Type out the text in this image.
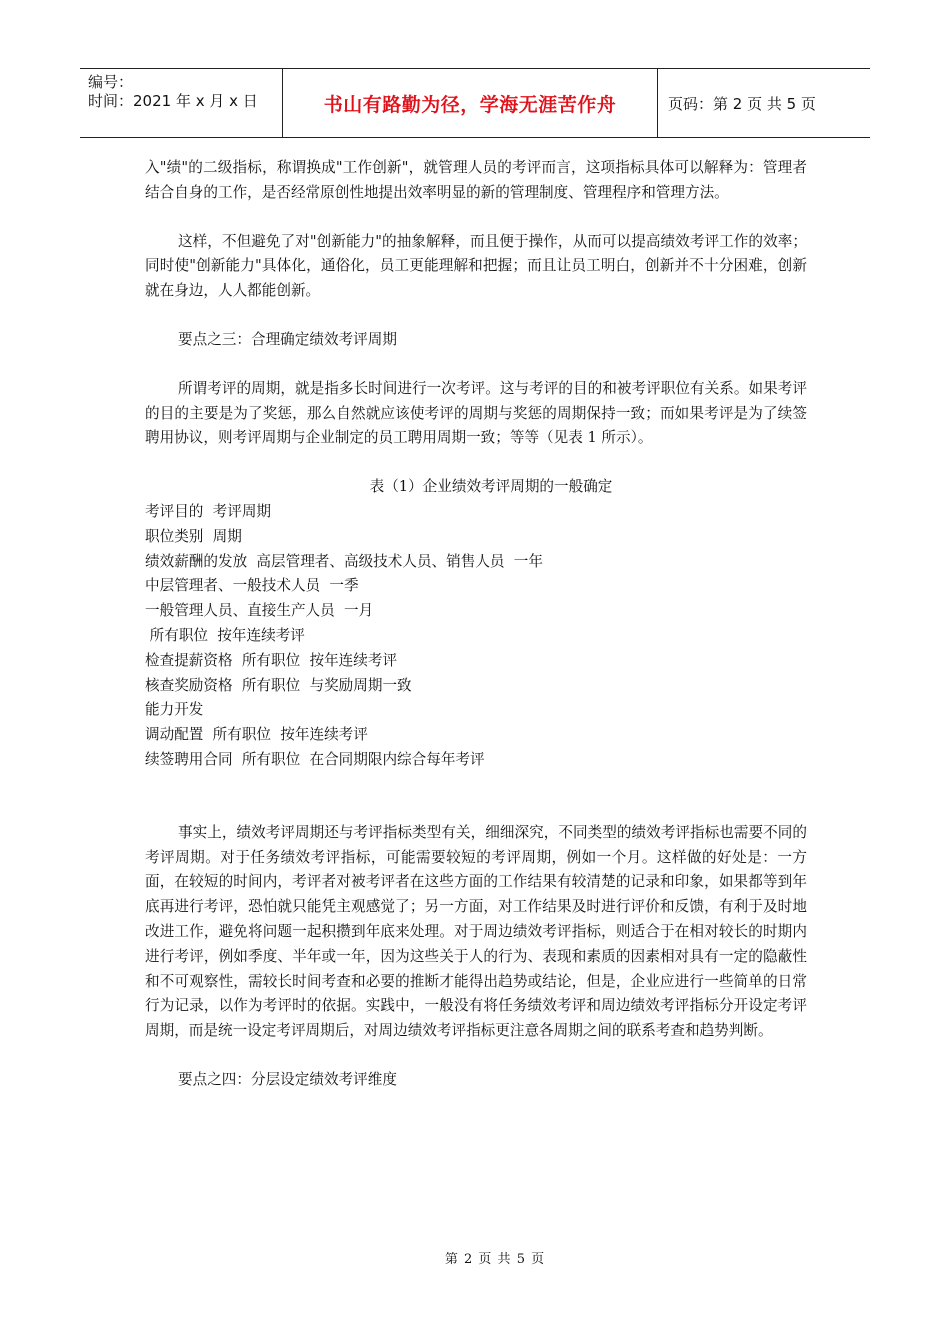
编号：
时间：2021 年 x 月 x 日	书山有路勤为径，学海无涯苦作舟	页码：第 2 页 共 5 页

入"绩"的二级指标，称谓换成"工作创新"，就管理人员的考评而言，这项指标具体可以解释为：管理者结合自身的工作，是否经常原创性地提出效率明显的新的管理制度、管理程序和管理方法。

这样，不但避免了对"创新能力"的抽象解释，而且便于操作，从而可以提高绩效考评工作的效率；同时使"创新能力"具体化，通俗化，员工更能理解和把握；而且让员工明白，创新并不十分困难，创新就在身边，人人都能创新。

要点之三：合理确定绩效考评周期

所谓考评的周期，就是指多长时间进行一次考评。这与考评的目的和被考评职位有关系。如果考评的目的主要是为了奖惩，那么自然就应该使考评的周期与奖惩的周期保持一致；而如果考评是为了续签聘用协议，则考评周期与企业制定的员工聘用周期一致；等等（见表 1 所示）。

表（1）企业绩效考评周期的一般确定

考评目的  考评周期

职位类别  周期

绩效薪酬的发放  高层管理者、高级技术人员、销售人员  一年

中层管理者、一般技术人员  一季

一般管理人员、直接生产人员  一月

所有职位  按年连续考评

检查提薪资格  所有职位  按年连续考评

核查奖励资格  所有职位  与奖励周期一致

能力开发

调动配置  所有职位  按年连续考评

续签聘用合同  所有职位  在合同期限内综合每年考评

事实上，绩效考评周期还与考评指标类型有关，细细深究，不同类型的绩效考评指标也需要不同的考评周期。对于任务绩效考评指标，可能需要较短的考评周期，例如一个月。这样做的好处是：一方面，在较短的时间内，考评者对被考评者在这些方面的工作结果有较清楚的记录和印象，如果都等到年底再进行考评，恐怕就只能凭主观感觉了；另一方面，对工作结果及时进行评价和反馈，有利于及时地改进工作，避免将问题一起积攒到年底来处理。对于周边绩效考评指标，则适合于在相对较长的时期内进行考评，例如季度、半年或一年，因为这些关于人的行为、表现和素质的因素相对具有一定的隐蔽性和不可观察性，需较长时间考查和必要的推断才能得出趋势或结论，但是，企业应进行一些简单的日常行为记录，以作为考评时的依据。实践中，一般没有将任务绩效考评和周边绩效考评指标分开设定考评周期，而是统一设定考评周期后，对周边绩效考评指标更注意各周期之间的联系考查和趋势判断。

要点之四：分层设定绩效考评维度

第 2 页 共 5 页
